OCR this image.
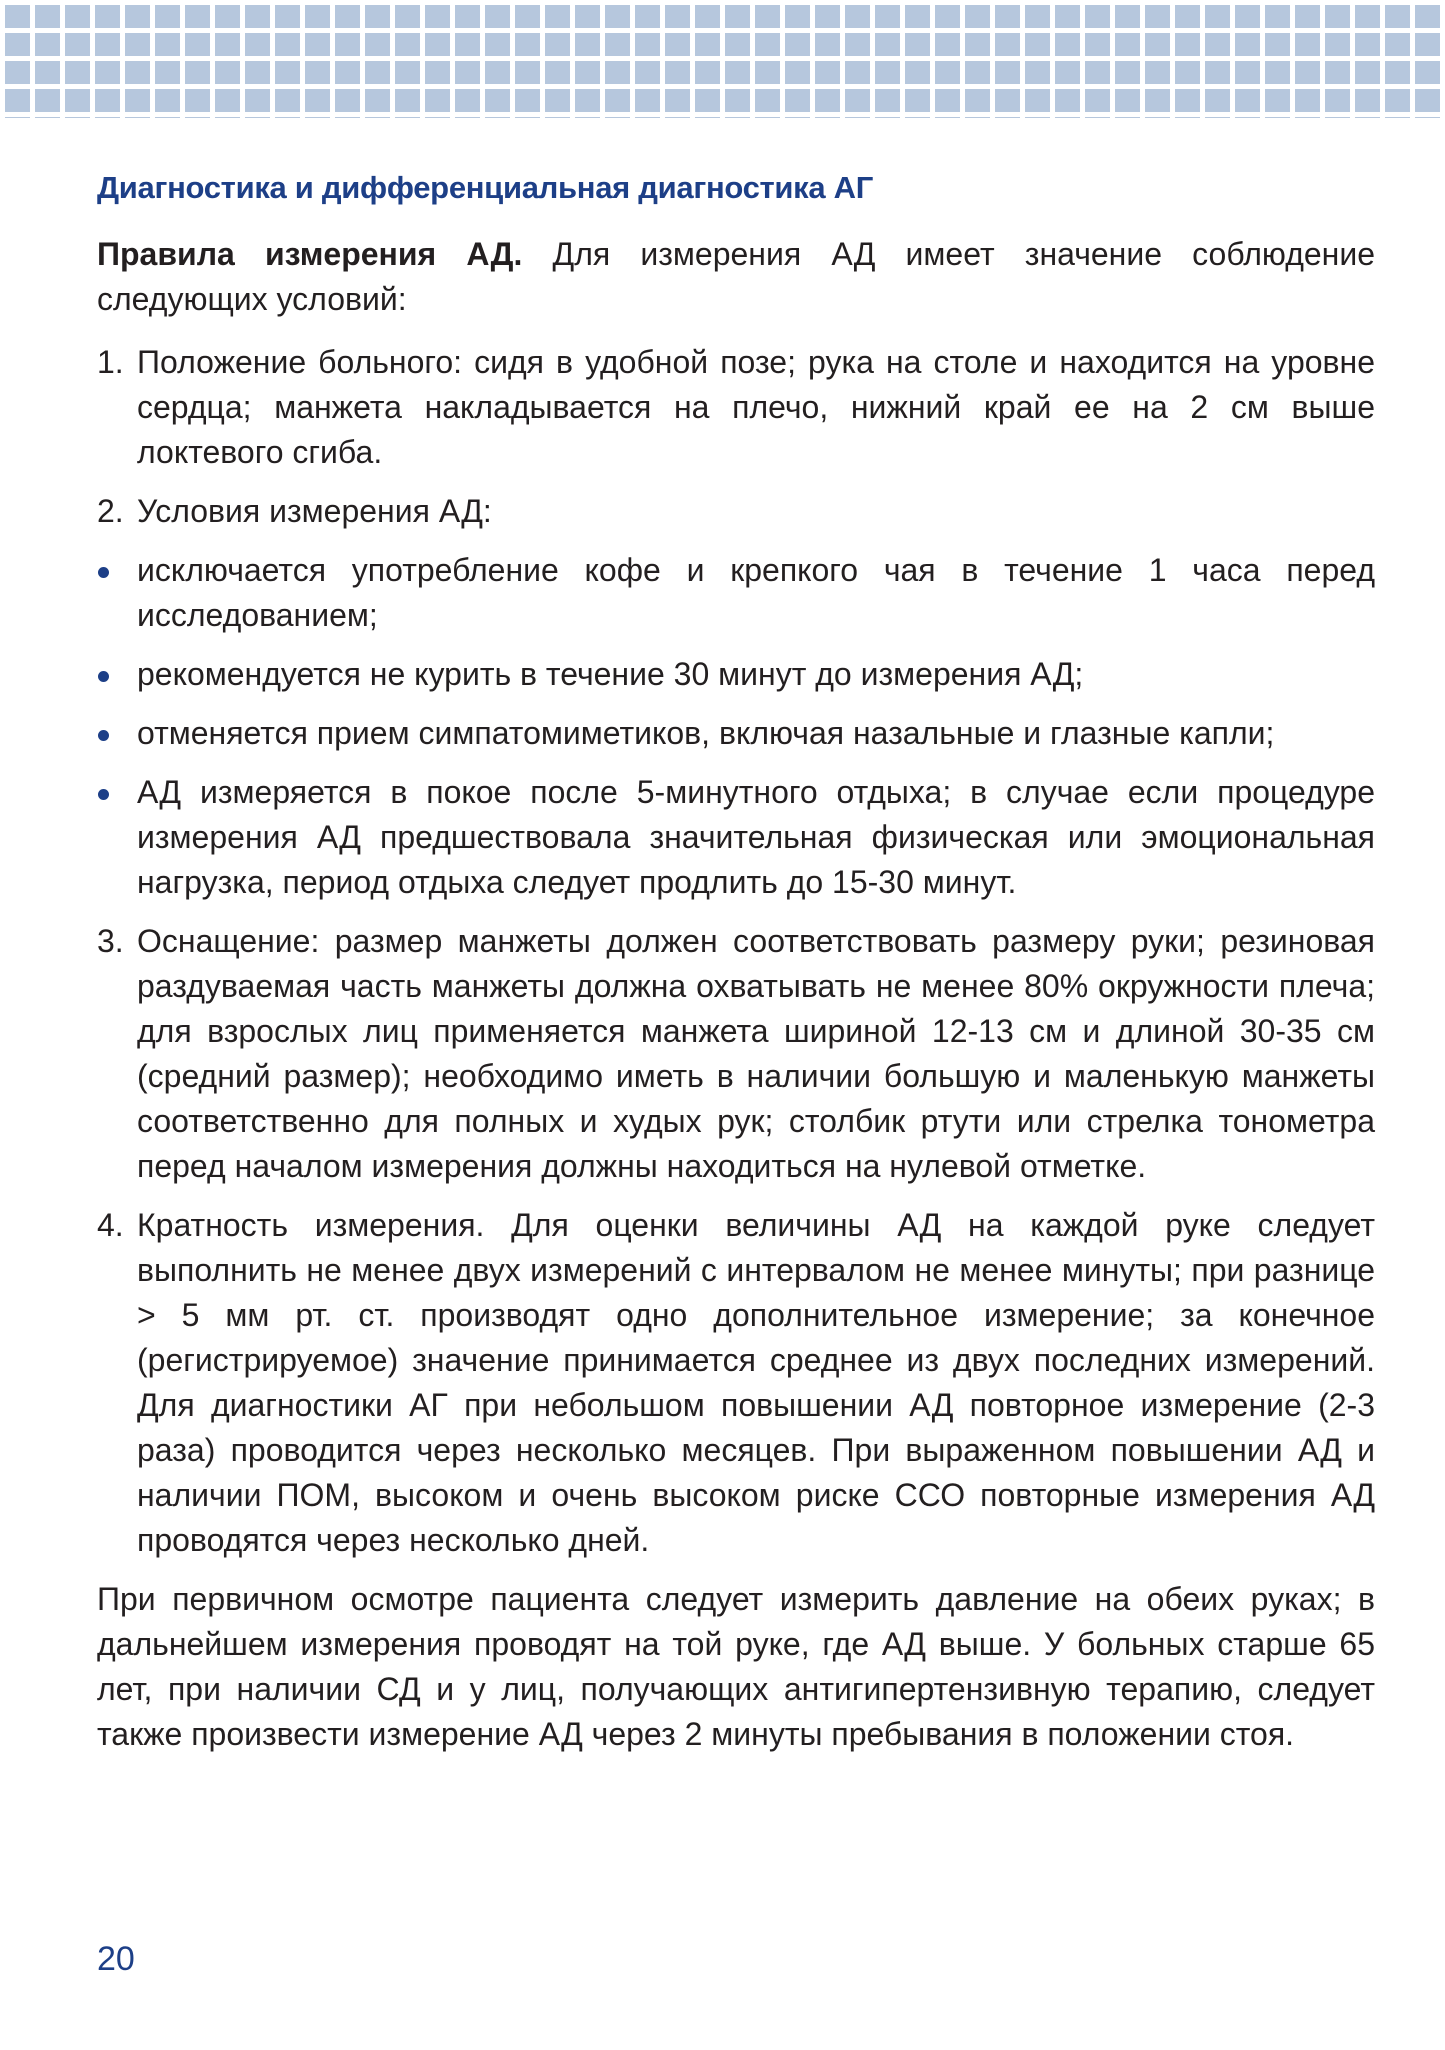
Диагностика и дифференциальная диагностика АГ

Правила измерения АД. Для измерения АД имеет значение соблюдение следующих условий:

1. Положение больного: сидя в удобной позе; рука на столе и находится на уровне сердца; манжета накладывается на плечо, нижний край ее на 2 см выше локтевого сгиба.
2. Условия измерения АД:
исключается употребление кофе и крепкого чая в течение 1 часа перед исследованием;
рекомендуется не курить в течение 30 минут до измерения АД;
отменяется прием симпатомиметиков, включая назальные и глазные капли;
АД измеряется в покое после 5-минутного отдыха; в случае если процедуре измерения АД предшествовала значительная физическая или эмоциональная нагрузка, период отдыха следует продлить до 15-30 минут.
3. Оснащение: размер манжеты должен соответствовать размеру руки; резиновая раздуваемая часть манжеты должна охватывать не менее 80% окружности плеча; для взрослых лиц применяется манжета шириной 12-13 см и длиной 30-35 см (средний размер); необходимо иметь в наличии большую и маленькую манжеты соответственно для полных и худых рук; столбик ртути или стрелка тонометра перед началом измерения должны находиться на нулевой отметке.
4. Кратность измерения. Для оценки величины АД на каждой руке следует выполнить не менее двух измерений с интервалом не менее минуты; при разнице > 5 мм рт. ст. производят одно дополнительное измерение; за конечное (регистрируемое) значение принимается среднее из двух последних измерений. Для диагностики АГ при небольшом повышении АД повторное измерение (2-3 раза) проводится через несколько месяцев. При выраженном повышении АД и наличии ПОМ, высоком и очень высоком риске ССО повторные измерения АД проводятся через несколько дней.

При первичном осмотре пациента следует измерить давление на обеих руках; в дальнейшем измерения проводят на той руке, где АД выше. У больных старше 65 лет, при наличии СД и у лиц, получающих антигипертензивную терапию, следует также произвести измерение АД через 2 минуты пребывания в положении стоя.

20
